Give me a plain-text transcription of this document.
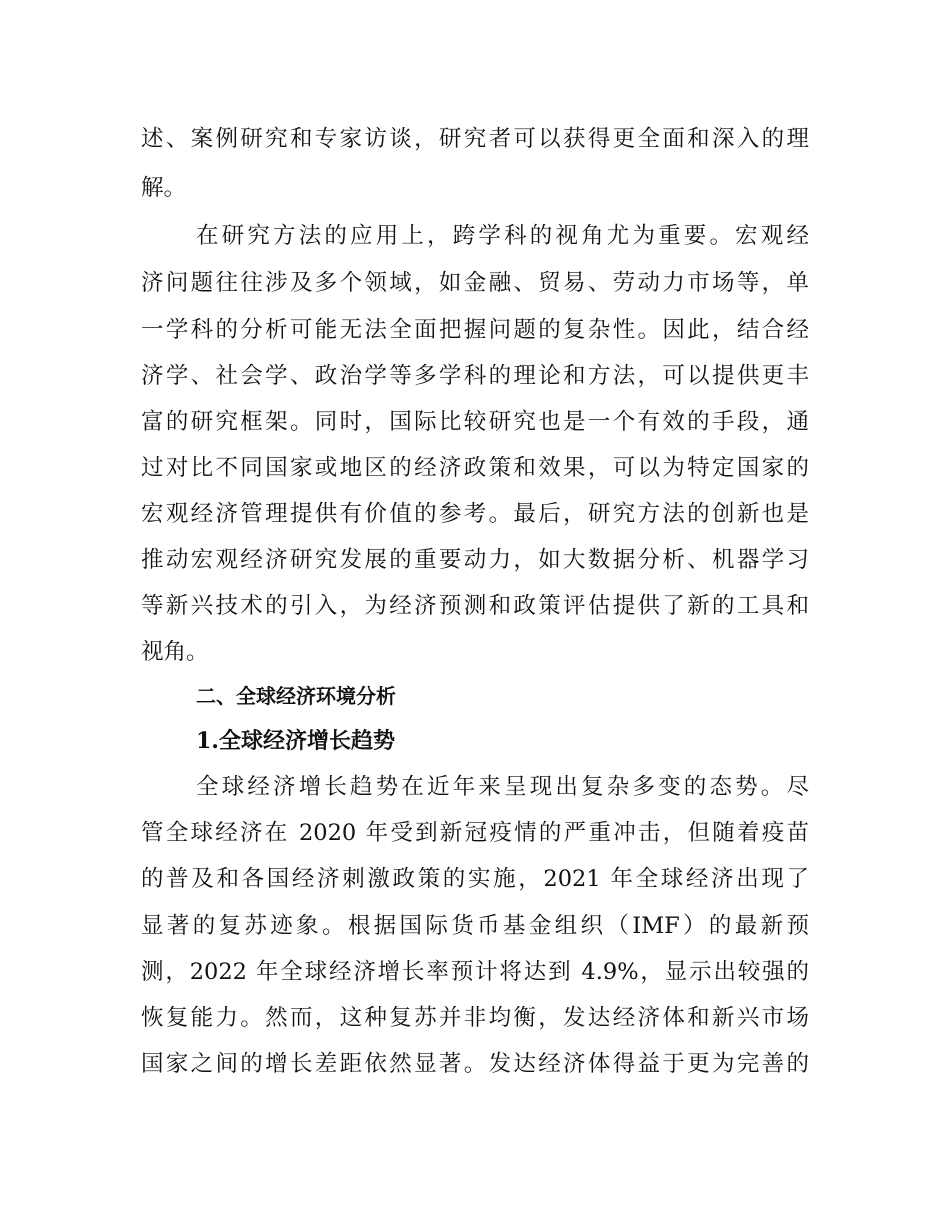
述、案例研究和专家访谈，研究者可以获得更全面和深入的理
解。
在研究方法的应用上，跨学科的视角尤为重要。宏观经
济问题往往涉及多个领域，如金融、贸易、劳动力市场等，单
一学科的分析可能无法全面把握问题的复杂性。因此，结合经
济学、社会学、政治学等多学科的理论和方法，可以提供更丰
富的研究框架。同时，国际比较研究也是一个有效的手段，通
过对比不同国家或地区的经济政策和效果，可以为特定国家的
宏观经济管理提供有价值的参考。最后，研究方法的创新也是
推动宏观经济研究发展的重要动力，如大数据分析、机器学习
等新兴技术的引入，为经济预测和政策评估提供了新的工具和
视角。
二、全球经济环境分析
1.全球经济增长趋势
全球经济增长趋势在近年来呈现出复杂多变的态势。尽
管全球经济在 2020 年受到新冠疫情的严重冲击，但随着疫苗
的普及和各国经济刺激政策的实施，2021 年全球经济出现了
显著的复苏迹象。根据国际货币基金组织（IMF）的最新预
测，2022 年全球经济增长率预计将达到 4.9%，显示出较强的
恢复能力。然而，这种复苏并非均衡，发达经济体和新兴市场
国家之间的增长差距依然显著。发达经济体得益于更为完善的
